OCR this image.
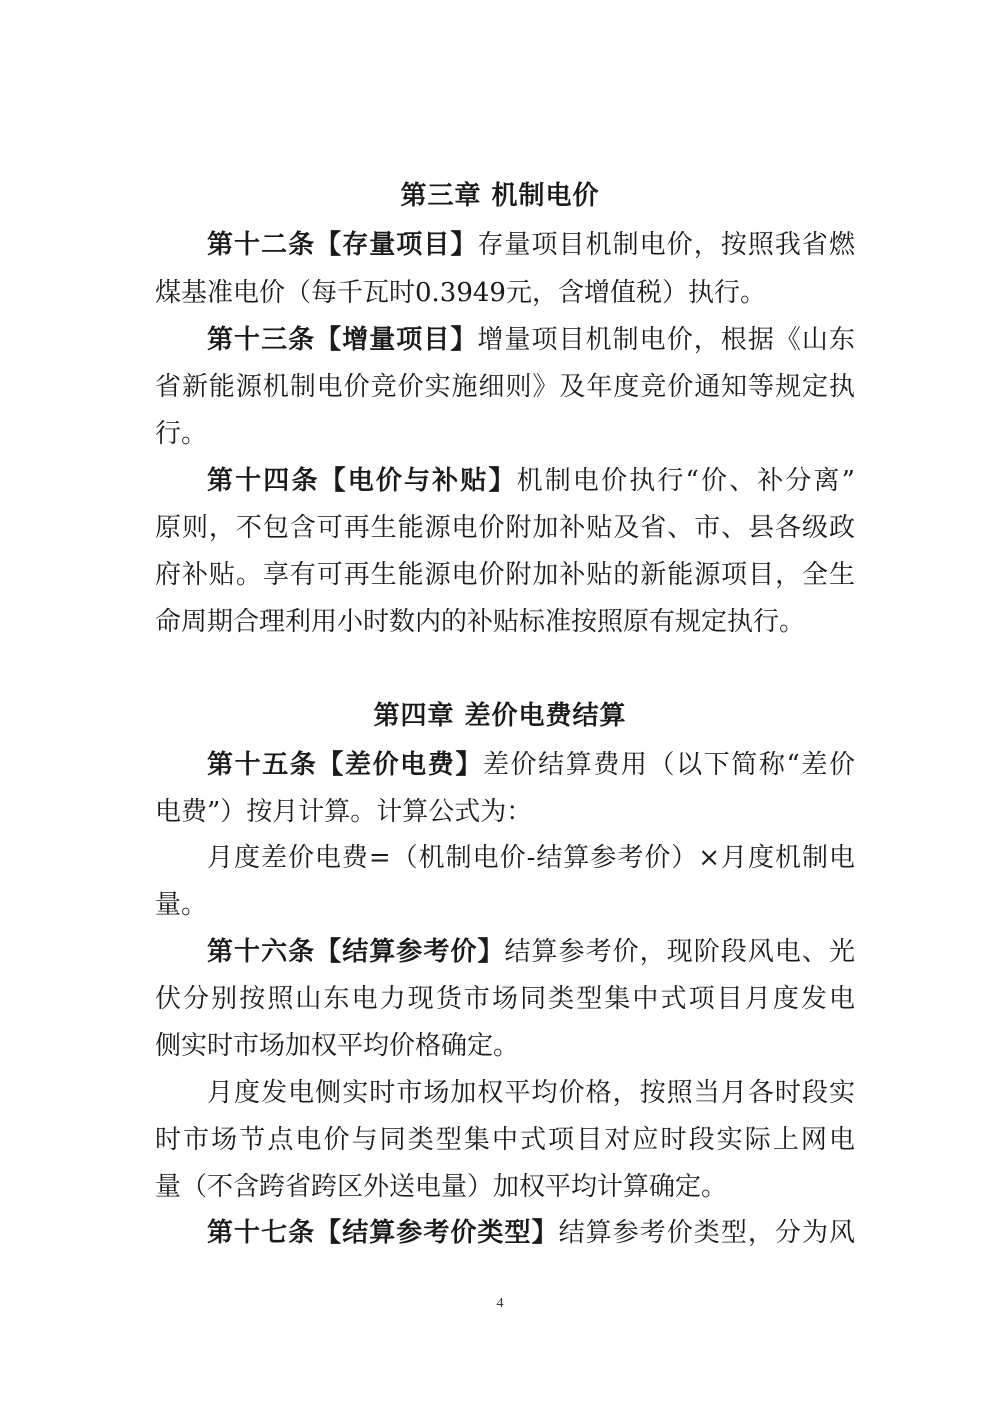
第三章 机制电价
第十二条【存量项目】存量项目机制电价，按照我省燃
煤基准电价（每千瓦时0.3949元，含增值税）执行。
第十三条【增量项目】增量项目机制电价，根据《山东
省新能源机制电价竞价实施细则》及年度竞价通知等规定执
行。
第十四条【电价与补贴】机制电价执行“价、补分离”
原则，不包含可再生能源电价附加补贴及省、市、县各级政
府补贴。享有可再生能源电价附加补贴的新能源项目，全生
命周期合理利用小时数内的补贴标准按照原有规定执行。
第四章 差价电费结算
第十五条【差价电费】差价结算费用（以下简称“差价
电费”）按月计算。计算公式为：
月度差价电费=（机制电价-结算参考价）×月度机制电
量。
第十六条【结算参考价】结算参考价，现阶段风电、光
伏分别按照山东电力现货市场同类型集中式项目月度发电
侧实时市场加权平均价格确定。
月度发电侧实时市场加权平均价格，按照当月各时段实
时市场节点电价与同类型集中式项目对应时段实际上网电
量（不含跨省跨区外送电量）加权平均计算确定。
第十七条【结算参考价类型】结算参考价类型，分为风
4
